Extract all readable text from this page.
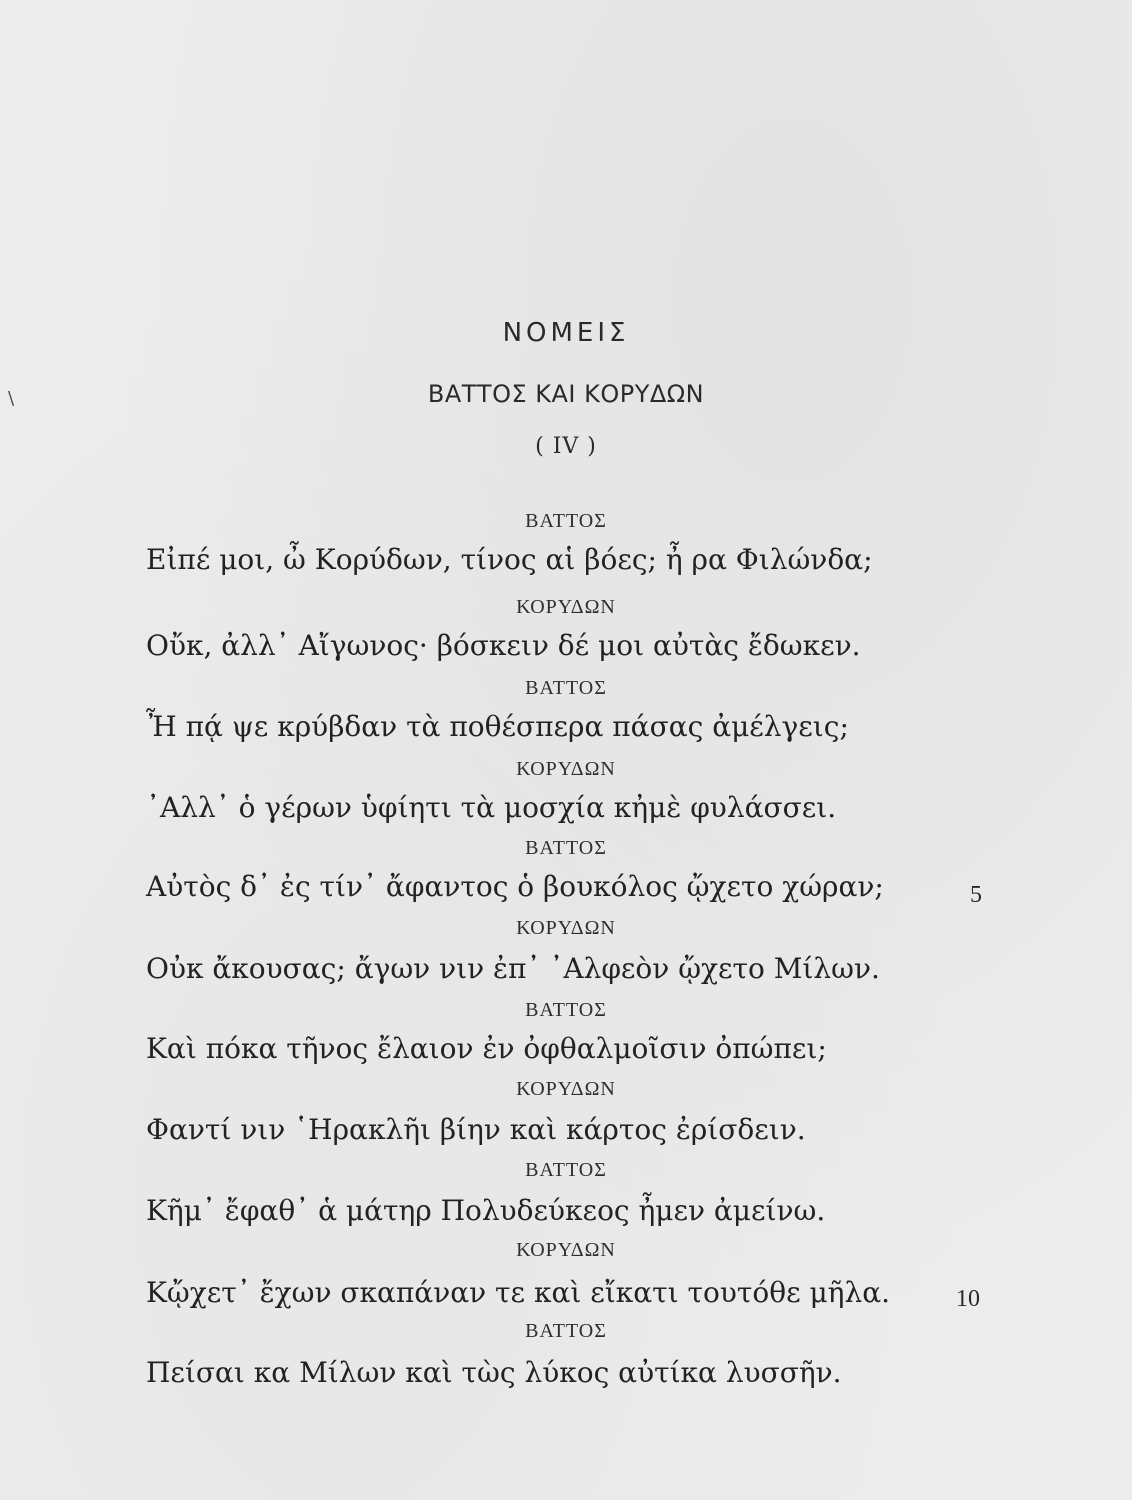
\
ΝΟΜΕΙΣ
ΒΑΤΤΟΣ ΚΑΙ ΚΟΡΥΔΩΝ
( IV )
ΒΑΤΤΟΣ
Εἰπέ μοι, ὦ Κορύδων, τίνος αἱ βόες; ἦ ρα Φιλώνδα;
ΚΟΡΥΔΩΝ
Οὔκ, ἀλλ᾽ Αἴγωνος· βόσκειν δέ μοι αὐτὰς ἔδωκεν.
ΒΑΤΤΟΣ
Ἦ πᾴ ψε κρύβδαν τὰ ποθέσπερα πάσας ἀμέλγεις;
ΚΟΡΥΔΩΝ
᾽Αλλ᾽ ὁ γέρων ὑφίητι τὰ μοσχία κἠμὲ φυλάσσει.
ΒΑΤΤΟΣ
Αὐτὸς δ᾽ ἐς τίν᾽ ἄφαντος ὁ βουκόλος ᾤχετο χώραν;	5
ΚΟΡΥΔΩΝ
Οὐκ ἄκουσας; ἄγων νιν ἐπ᾽ ᾽Αλφεὸν ᾤχετο Μίλων.
ΒΑΤΤΟΣ
Καὶ πόκα τῆνος ἔλαιον ἐν ὀφθαλμοῖσιν ὀπώπει;
ΚΟΡΥΔΩΝ
Φαντί νιν ῾Ηρακλῆι βίην καὶ κάρτος ἐρίσδειν.
ΒΑΤΤΟΣ
Κῆμ᾽ ἔφαθ᾽ ἁ μάτηρ Πολυδεύκεος ἦμεν ἀμείνω.
ΚΟΡΥΔΩΝ
Κᾤχετ᾽ ἔχων σκαπάναν τε καὶ εἴκατι τουτόθε μῆλα.	10
ΒΑΤΤΟΣ
Πείσαι κα Μίλων καὶ τὼς λύκος αὐτίκα λυσσῆν.
